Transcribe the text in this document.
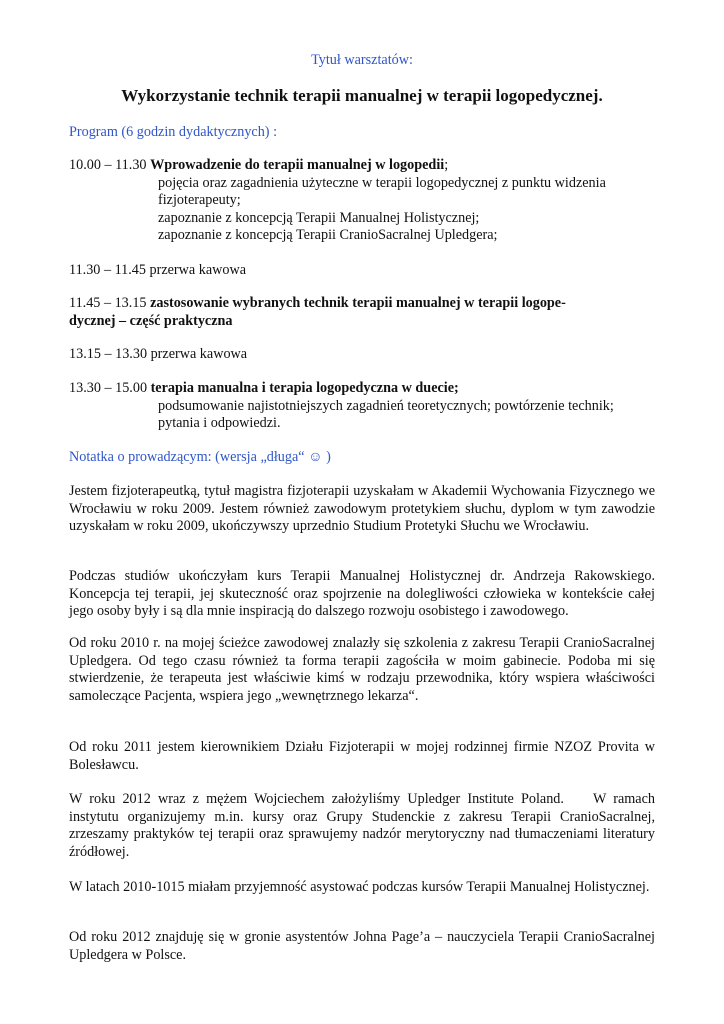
Tytuł warsztatów:
Wykorzystanie technik terapii manualnej w terapii logopedycznej.
Program (6 godzin dydaktycznych) :
10.00 – 11.30 Wprowadzenie do terapii manualnej w logopedii;
pojęcia oraz zagadnienia użyteczne w terapii logopedycznej z punktu widzenia fizjoterapeuty;
zapoznanie z koncepcją Terapii Manualnej Holistycznej;
zapoznanie z koncepcją Terapii CranioSacralnej Upledgera;
11.30 – 11.45 przerwa kawowa
11.45 – 13.15 zastosowanie wybranych technik terapii manualnej w terapii logope-
dycznej – część praktyczna
13.15 – 13.30 przerwa kawowa
13.30 – 15.00 terapia manualna i terapia logopedyczna w duecie;
podsumowanie najistotniejszych zagadnień teoretycznych; powtórzenie technik; pytania i odpowiedzi.
Notatka o prowadzącym: (wersja „długa“ ☺ )
Jestem fizjoterapeutką, tytuł magistra fizjoterapii uzyskałam w Akademii Wychowania Fizycznego we Wrocławiu w roku 2009. Jestem również zawodowym protetykiem słuchu, dyplom w tym zawodzie uzyskałam w roku 2009, ukończywszy uprzednio Studium Protetyki Słuchu we Wrocławiu.
Podczas studiów ukończyłam kurs Terapii Manualnej Holistycznej dr. Andrzeja Rakowskiego. Koncepcja tej terapii, jej skuteczność oraz spojrzenie na dolegliwości człowieka w kontekście całej jego osoby były i są dla mnie inspiracją do dalszego rozwoju osobistego i zawodowego.
Od roku 2010 r. na mojej ścieżce zawodowej znalazły się szkolenia z zakresu Terapii CranioSacralnej Upledgera. Od tego czasu również ta forma terapii zagościła w moim gabinecie. Podoba mi się stwierdzenie, że terapeuta jest właściwie kimś w rodzaju przewodnika, który wspiera właściwości samoleczące Pacjenta, wspiera jego „wewnętrznego lekarza“.
Od roku 2011 jestem kierownikiem Działu Fizjoterapii w mojej rodzinnej firmie NZOZ Provita w Bolesławcu.
W roku 2012 wraz z mężem Wojciechem założyliśmy Upledger Institute Poland. W ramach instytutu organizujemy m.in. kursy oraz Grupy Studenckie z zakresu Terapii CranioSacralnej, zrzeszamy praktyków tej terapii oraz sprawujemy nadzór merytoryczny nad tłumaczeniami literatury źródłowej.
W latach 2010-1015 miałam przyjemność asystować podczas kursów Terapii Manualnej Holistycznej.
Od roku 2012 znajduję się w gronie asystentów Johna Page’a – nauczyciela Terapii CranioSacralnej Upledgera w Polsce.
